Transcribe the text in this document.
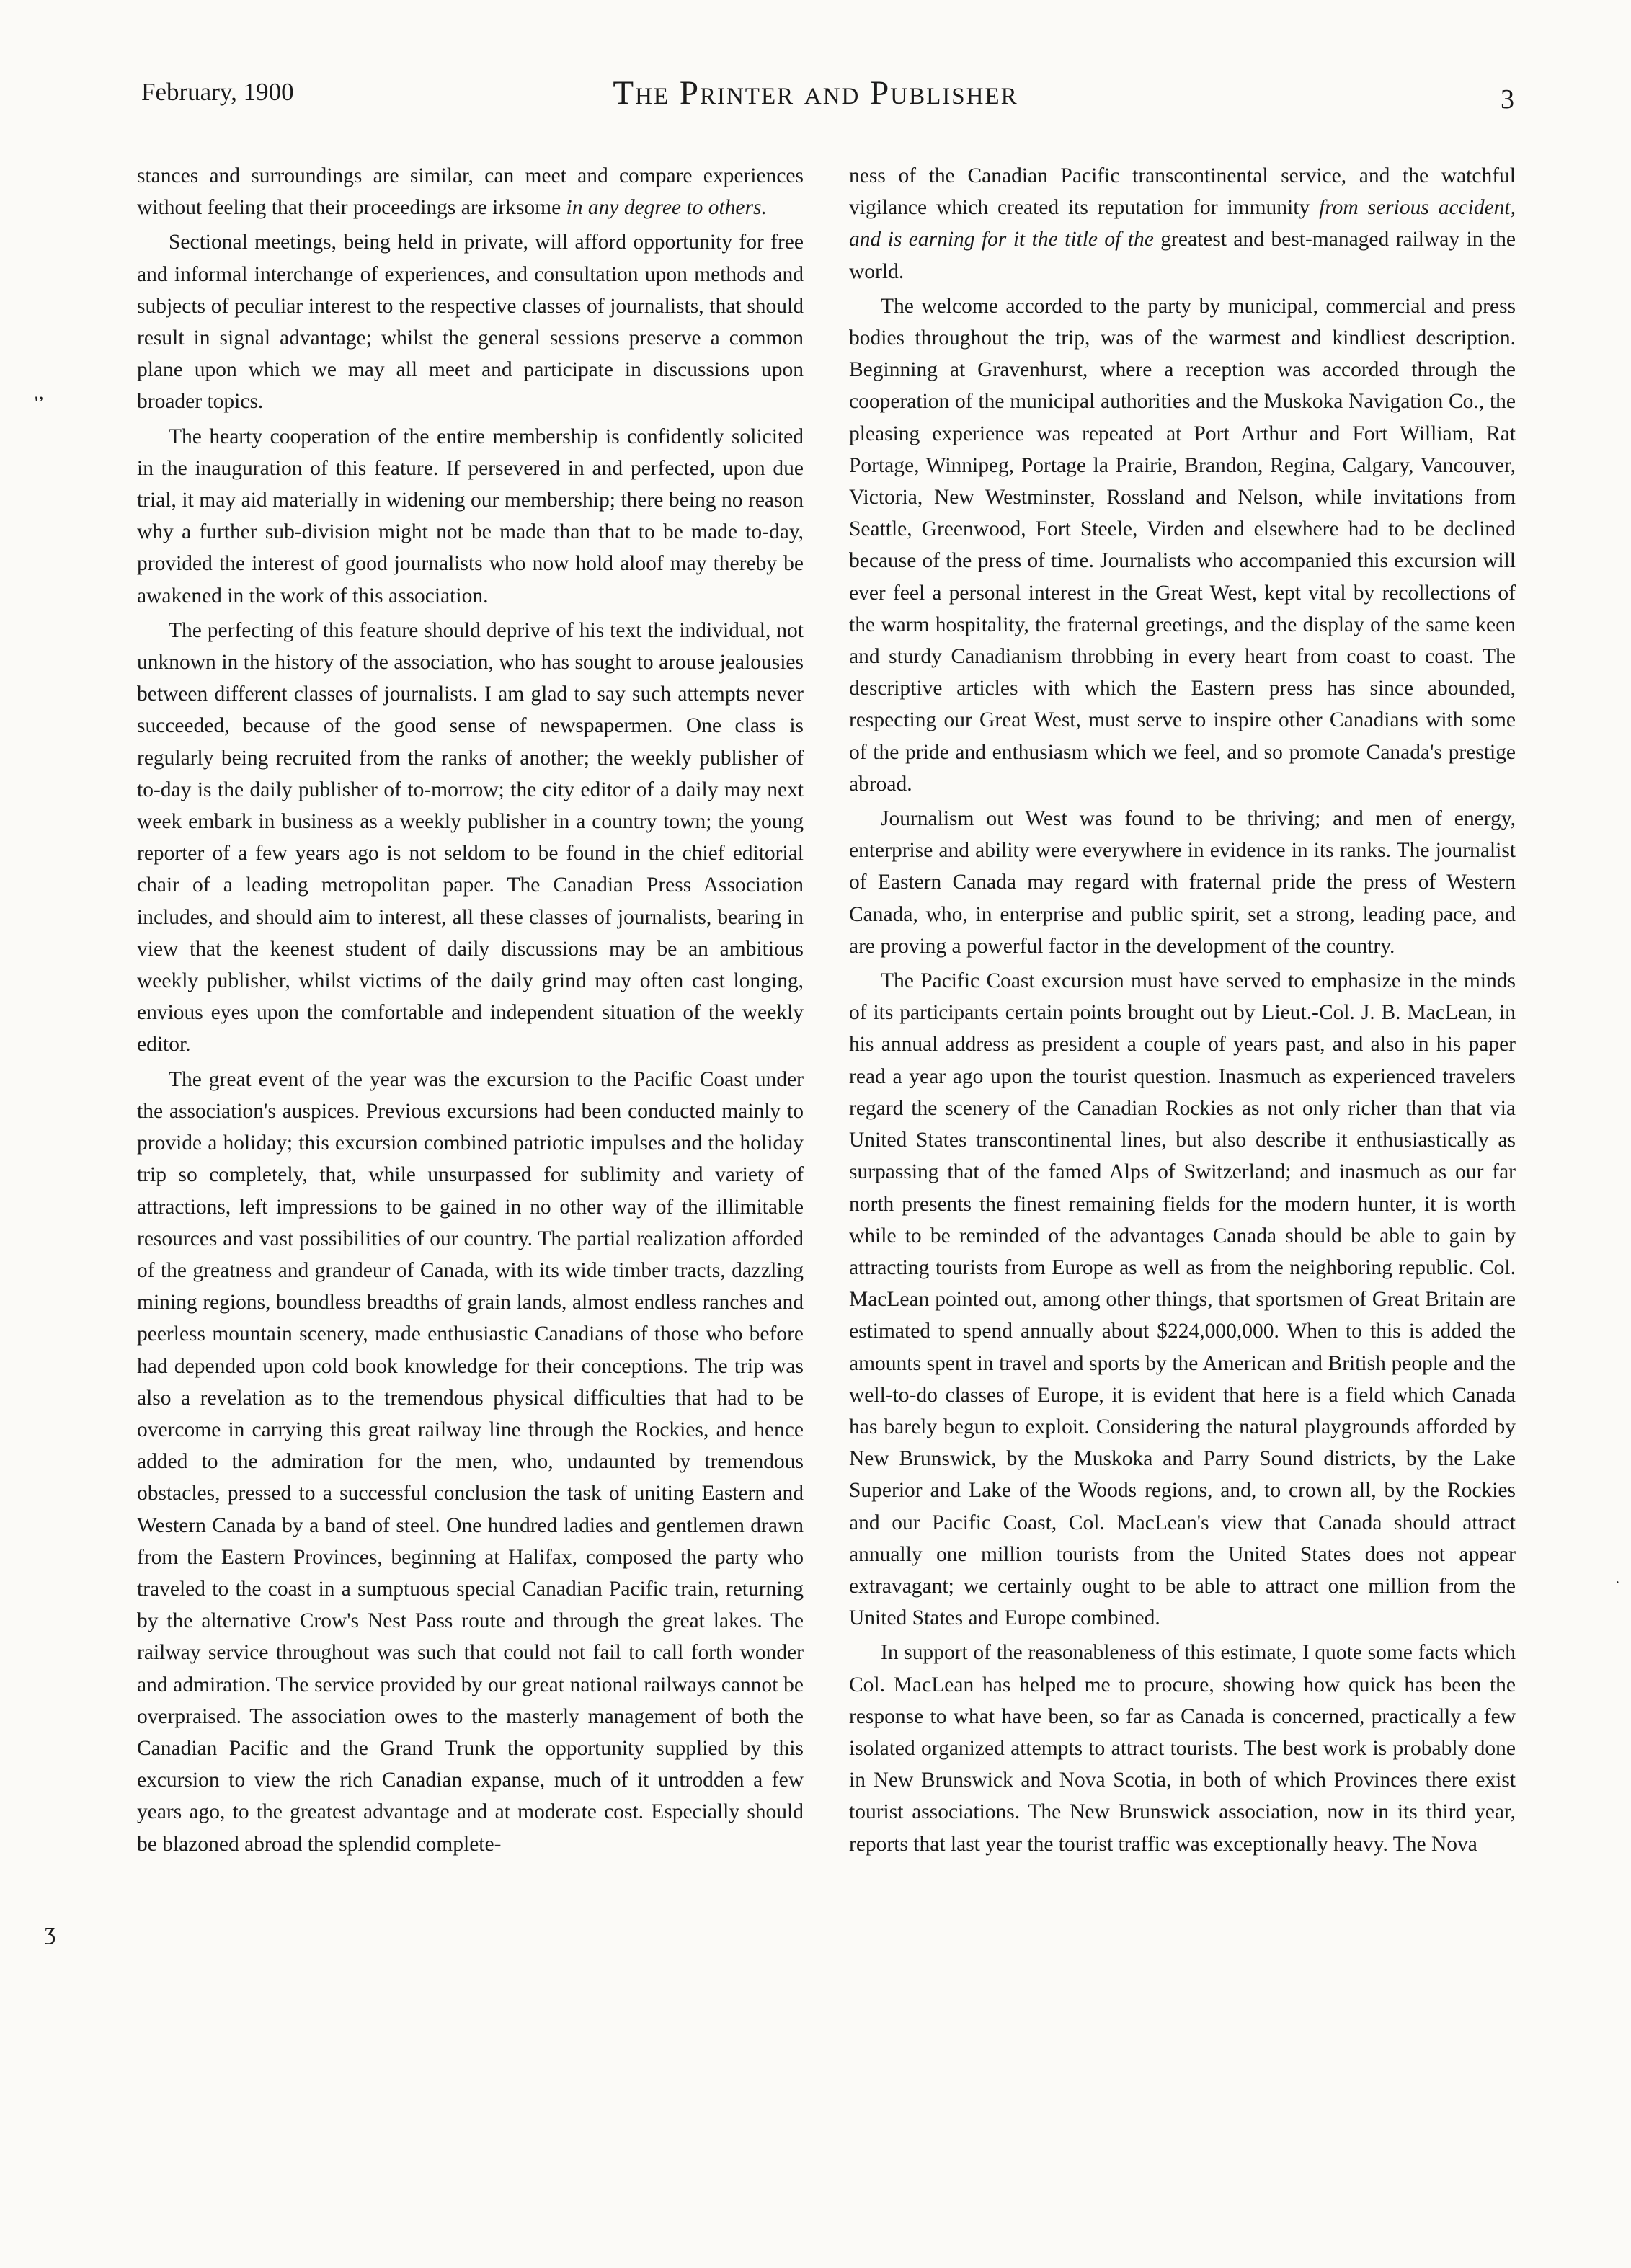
February, 1900	The Printer and Publisher	3
'ʼ
ʒ
·

stances and surroundings are similar, can meet and compare experiences without feeling that their proceedings are irksome in any degree to others.

Sectional meetings, being held in private, will afford opportunity for free and informal interchange of experiences, and consultation upon methods and subjects of peculiar interest to the respective classes of journalists, that should result in signal advantage; whilst the general sessions preserve a common plane upon which we may all meet and participate in discussions upon broader topics.

The hearty cooperation of the entire membership is confidently solicited in the inauguration of this feature. If persevered in and perfected, upon due trial, it may aid materially in widening our membership; there being no reason why a further sub-division might not be made than that to be made to-day, provided the interest of good journalists who now hold aloof may thereby be awakened in the work of this association.

The perfecting of this feature should deprive of his text the individual, not unknown in the history of the association, who has sought to arouse jealousies between different classes of journalists. I am glad to say such attempts never succeeded, because of the good sense of newspapermen. One class is regularly being recruited from the ranks of another; the weekly publisher of to-day is the daily publisher of to-morrow; the city editor of a daily may next week embark in business as a weekly publisher in a country town; the young reporter of a few years ago is not seldom to be found in the chief editorial chair of a leading metropolitan paper. The Canadian Press Association includes, and should aim to interest, all these classes of journalists, bearing in view that the keenest student of daily discussions may be an ambitious weekly publisher, whilst victims of the daily grind may often cast longing, envious eyes upon the comfortable and independent situation of the weekly editor.

The great event of the year was the excursion to the Pacific Coast under the association's auspices. Previous excursions had been conducted mainly to provide a holiday; this excursion combined patriotic impulses and the holiday trip so completely, that, while unsurpassed for sublimity and variety of attractions, left impressions to be gained in no other way of the illimitable resources and vast possibilities of our country. The partial realization afforded of the greatness and grandeur of Canada, with its wide timber tracts, dazzling mining regions, boundless breadths of grain lands, almost endless ranches and peerless mountain scenery, made enthusiastic Canadians of those who before had depended upon cold book knowledge for their conceptions. The trip was also a revelation as to the tremendous physical difficulties that had to be overcome in carrying this great railway line through the Rockies, and hence added to the admiration for the men, who, undaunted by tremendous obstacles, pressed to a successful conclusion the task of uniting Eastern and Western Canada by a band of steel. One hundred ladies and gentlemen drawn from the Eastern Provinces, beginning at Halifax, composed the party who traveled to the coast in a sumptuous special Canadian Pacific train, returning by the alternative Crow's Nest Pass route and through the great lakes. The railway service throughout was such that could not fail to call forth wonder and admiration. The service provided by our great national railways cannot be overpraised. The association owes to the masterly management of both the Canadian Pacific and the Grand Trunk the opportunity supplied by this excursion to view the rich Canadian expanse, much of it untrodden a few years ago, to the greatest advantage and at moderate cost. Especially should be blazoned abroad the splendid complete-

ness of the Canadian Pacific transcontinental service, and the watchful vigilance which created its reputation for immunity from serious accident, and is earning for it the title of the greatest and best-managed railway in the world.

The welcome accorded to the party by municipal, commercial and press bodies throughout the trip, was of the warmest and kindliest description. Beginning at Gravenhurst, where a reception was accorded through the cooperation of the municipal authorities and the Muskoka Navigation Co., the pleasing experience was repeated at Port Arthur and Fort William, Rat Portage, Winnipeg, Portage la Prairie, Brandon, Regina, Calgary, Vancouver, Victoria, New Westminster, Rossland and Nelson, while invitations from Seattle, Greenwood, Fort Steele, Virden and elsewhere had to be declined because of the press of time. Journalists who accompanied this excursion will ever feel a personal interest in the Great West, kept vital by recollections of the warm hospitality, the fraternal greetings, and the display of the same keen and sturdy Canadianism throbbing in every heart from coast to coast. The descriptive articles with which the Eastern press has since abounded, respecting our Great West, must serve to inspire other Canadians with some of the pride and enthusiasm which we feel, and so promote Canada's prestige abroad.

Journalism out West was found to be thriving; and men of energy, enterprise and ability were everywhere in evidence in its ranks. The journalist of Eastern Canada may regard with fraternal pride the press of Western Canada, who, in enterprise and public spirit, set a strong, leading pace, and are proving a powerful factor in the development of the country.

The Pacific Coast excursion must have served to emphasize in the minds of its participants certain points brought out by Lieut.-Col. J. B. MacLean, in his annual address as president a couple of years past, and also in his paper read a year ago upon the tourist question. Inasmuch as experienced travelers regard the scenery of the Canadian Rockies as not only richer than that via United States transcontinental lines, but also describe it enthusiastically as surpassing that of the famed Alps of Switzerland; and inasmuch as our far north presents the finest remaining fields for the modern hunter, it is worth while to be reminded of the advantages Canada should be able to gain by attracting tourists from Europe as well as from the neighboring republic. Col. MacLean pointed out, among other things, that sportsmen of Great Britain are estimated to spend annually about $224,000,000. When to this is added the amounts spent in travel and sports by the American and British people and the well-to-do classes of Europe, it is evident that here is a field which Canada has barely begun to exploit. Considering the natural playgrounds afforded by New Brunswick, by the Muskoka and Parry Sound districts, by the Lake Superior and Lake of the Woods regions, and, to crown all, by the Rockies and our Pacific Coast, Col. MacLean's view that Canada should attract annually one million tourists from the United States does not appear extravagant; we certainly ought to be able to attract one million from the United States and Europe combined.

In support of the reasonableness of this estimate, I quote some facts which Col. MacLean has helped me to procure, showing how quick has been the response to what have been, so far as Canada is concerned, practically a few isolated organized attempts to attract tourists. The best work is probably done in New Brunswick and Nova Scotia, in both of which Provinces there exist tourist associations. The New Brunswick association, now in its third year, reports that last year the tourist traffic was exceptionally heavy. The Nova
